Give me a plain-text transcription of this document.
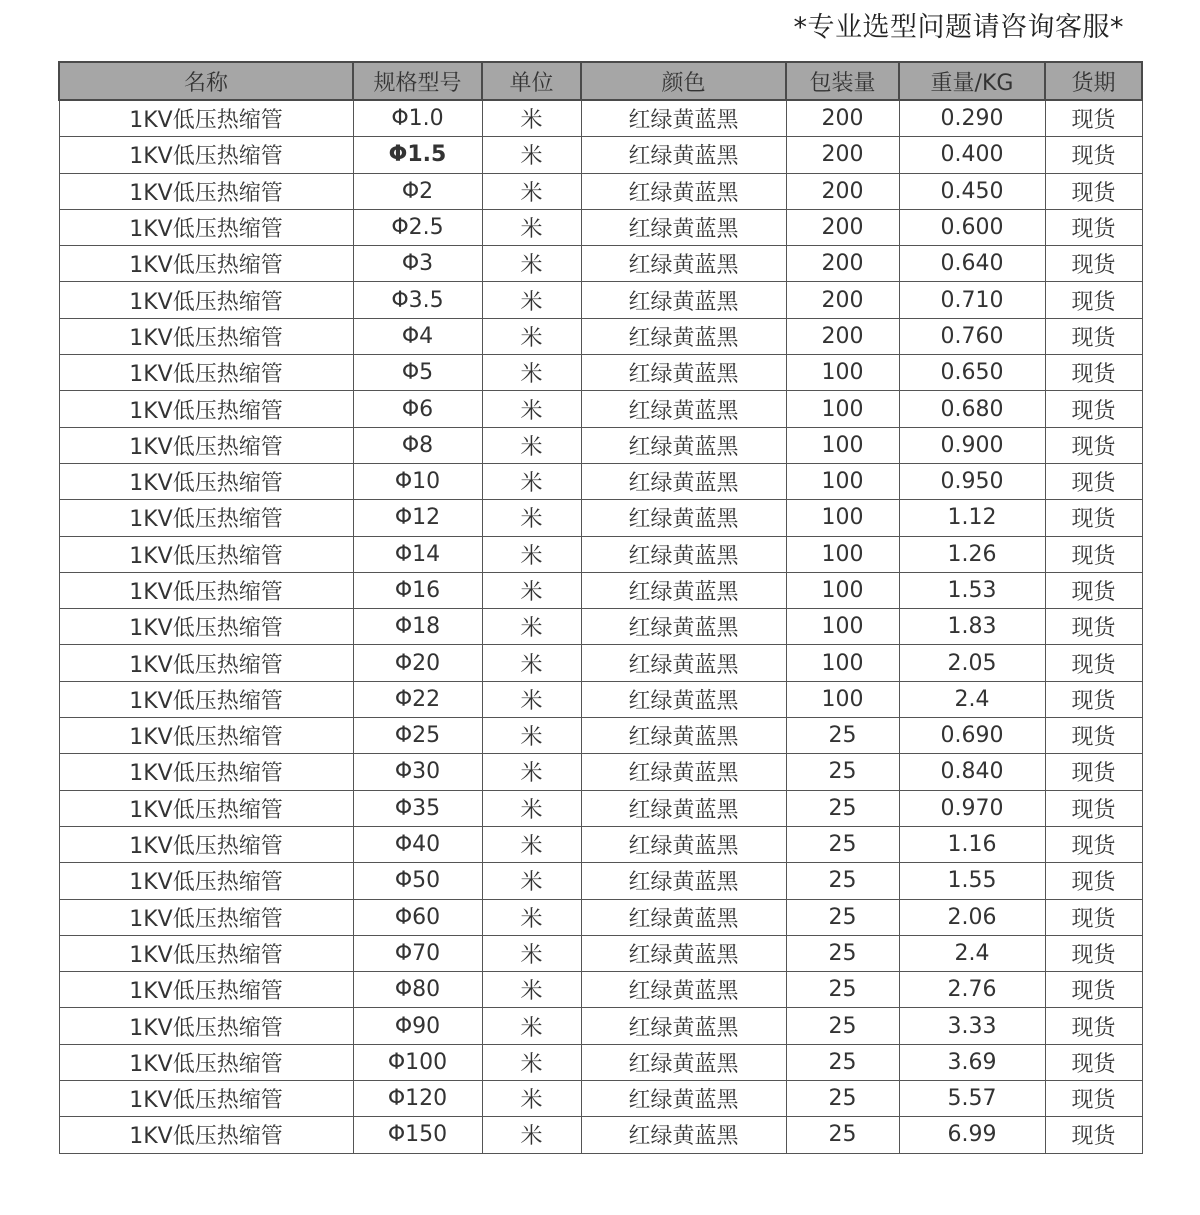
*专业选型问题请咨询客服*
名称	规格型号	单位	颜色	包装量	重量/KG	货期
1KV低压热缩管	Φ1.0	米	红绿黄蓝黑	200	0.290	现货
1KV低压热缩管	Φ1.5	米	红绿黄蓝黑	200	0.400	现货
1KV低压热缩管	Φ2	米	红绿黄蓝黑	200	0.450	现货
1KV低压热缩管	Φ2.5	米	红绿黄蓝黑	200	0.600	现货
1KV低压热缩管	Φ3	米	红绿黄蓝黑	200	0.640	现货
1KV低压热缩管	Φ3.5	米	红绿黄蓝黑	200	0.710	现货
1KV低压热缩管	Φ4	米	红绿黄蓝黑	200	0.760	现货
1KV低压热缩管	Φ5	米	红绿黄蓝黑	100	0.650	现货
1KV低压热缩管	Φ6	米	红绿黄蓝黑	100	0.680	现货
1KV低压热缩管	Φ8	米	红绿黄蓝黑	100	0.900	现货
1KV低压热缩管	Φ10	米	红绿黄蓝黑	100	0.950	现货
1KV低压热缩管	Φ12	米	红绿黄蓝黑	100	1.12	现货
1KV低压热缩管	Φ14	米	红绿黄蓝黑	100	1.26	现货
1KV低压热缩管	Φ16	米	红绿黄蓝黑	100	1.53	现货
1KV低压热缩管	Φ18	米	红绿黄蓝黑	100	1.83	现货
1KV低压热缩管	Φ20	米	红绿黄蓝黑	100	2.05	现货
1KV低压热缩管	Φ22	米	红绿黄蓝黑	100	2.4	现货
1KV低压热缩管	Φ25	米	红绿黄蓝黑	25	0.690	现货
1KV低压热缩管	Φ30	米	红绿黄蓝黑	25	0.840	现货
1KV低压热缩管	Φ35	米	红绿黄蓝黑	25	0.970	现货
1KV低压热缩管	Φ40	米	红绿黄蓝黑	25	1.16	现货
1KV低压热缩管	Φ50	米	红绿黄蓝黑	25	1.55	现货
1KV低压热缩管	Φ60	米	红绿黄蓝黑	25	2.06	现货
1KV低压热缩管	Φ70	米	红绿黄蓝黑	25	2.4	现货
1KV低压热缩管	Φ80	米	红绿黄蓝黑	25	2.76	现货
1KV低压热缩管	Φ90	米	红绿黄蓝黑	25	3.33	现货
1KV低压热缩管	Φ100	米	红绿黄蓝黑	25	3.69	现货
1KV低压热缩管	Φ120	米	红绿黄蓝黑	25	5.57	现货
1KV低压热缩管	Φ150	米	红绿黄蓝黑	25	6.99	现货
